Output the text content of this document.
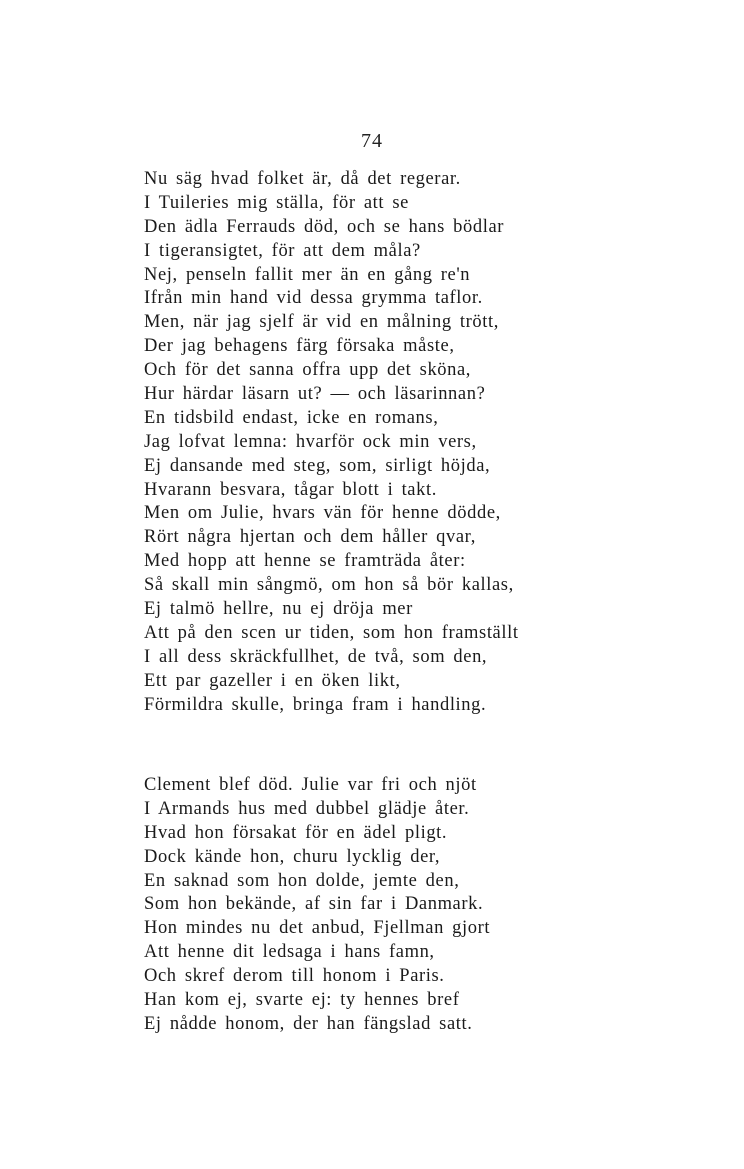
74
Nu säg hvad folket är, då det regerar.
I Tuileries mig ställa, för att se
Den ädla Ferrauds död, och se hans bödlar
I tigeransigtet, för att dem måla?
Nej, penseln fallit mer än en gång re'n
Ifrån min hand vid dessa grymma taflor.
Men, när jag sjelf är vid en målning trött,
Der jag behagens färg försaka måste,
Och för det sanna offra upp det sköna,
Hur härdar läsarn ut? — och läsarinnan?
En tidsbild endast, icke en romans,
Jag lofvat lemna: hvarför ock min vers,
Ej dansande med steg, som, sirligt höjda,
Hvarann besvara, tågar blott i takt.
Men om Julie, hvars vän för henne dödde,
Rört några hjertan och dem håller qvar,
Med hopp att henne se framträda åter:
Så skall min sångmö, om hon så bör kallas,
Ej talmö hellre, nu ej dröja mer
Att på den scen ur tiden, som hon framställt
I all dess skräckfullhet, de två, som den,
Ett par gazeller i en öken likt,
Förmildra skulle, bringa fram i handling.
Clement blef död. Julie var fri och njöt
I Armands hus med dubbel glädje åter.
Hvad hon försakat för en ädel pligt.
Dock kände hon, churu lycklig der,
En saknad som hon dolde, jemte den,
Som hon bekände, af sin far i Danmark.
Hon mindes nu det anbud, Fjellman gjort
Att henne dit ledsaga i hans famn,
Och skref derom till honom i Paris.
Han kom ej, svarte ej: ty hennes bref
Ej nådde honom, der han fängslad satt.
